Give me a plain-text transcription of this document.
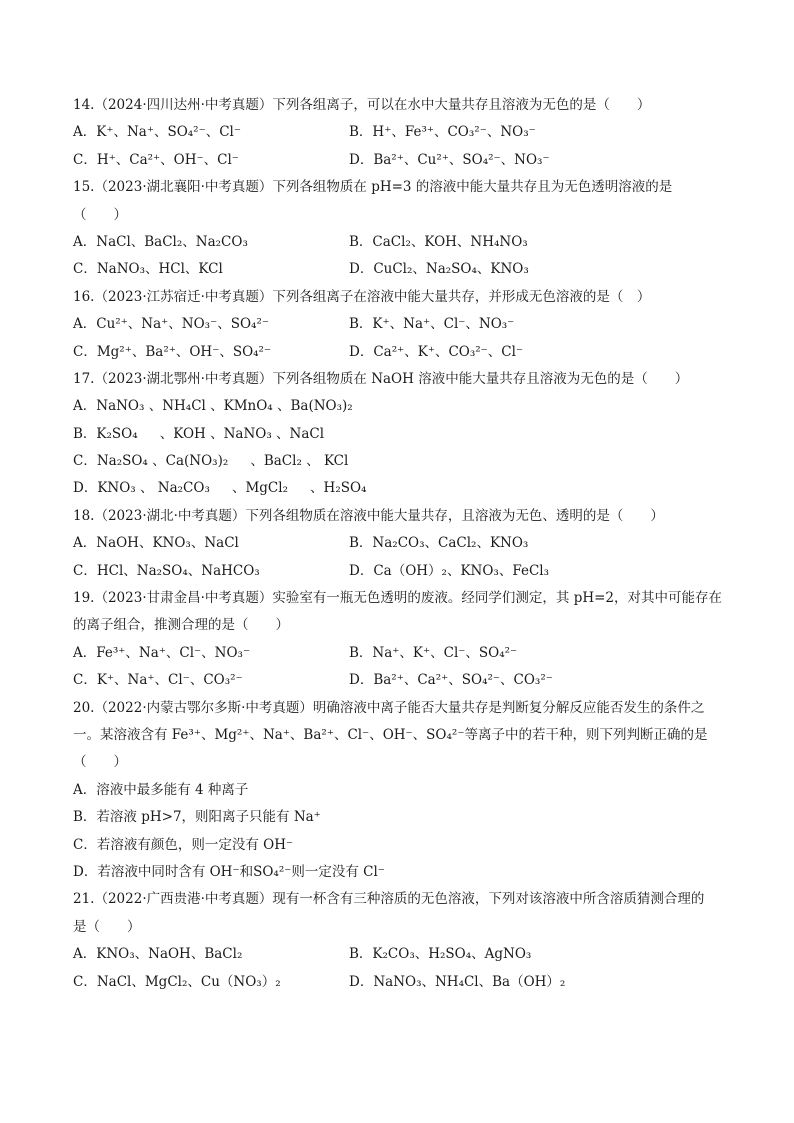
14.（2024·四川达州·中考真题）下列各组离子，可以在水中大量共存且溶液为无色的是（　　）
A．K⁺、Na⁺、SO₄²⁻、Cl⁻	B．H⁺、Fe³⁺、CO₃²⁻、NO₃⁻
C．H⁺、Ca²⁺、OH⁻、Cl⁻	D．Ba²⁺、Cu²⁺、SO₄²⁻、NO₃⁻
15.（2023·湖北襄阳·中考真题）下列各组物质在 pH=3 的溶液中能大量共存且为无色透明溶液的是
（　　）
A．NaCl、BaCl₂、Na₂CO₃	B．CaCl₂、KOH、NH₄NO₃
C．NaNO₃、HCl、KCl	D．CuCl₂、Na₂SO₄、KNO₃
16.（2023·江苏宿迁·中考真题）下列各组离子在溶液中能大量共存，并形成无色溶液的是（　）
A．Cu²⁺、Na⁺、NO₃⁻、SO₄²⁻	B．K⁺、Na⁺、Cl⁻、NO₃⁻
C．Mg²⁺、Ba²⁺、OH⁻、SO₄²⁻	D．Ca²⁺、K⁺、CO₃²⁻、Cl⁻
17.（2023·湖北鄂州·中考真题）下列各组物质在 NaOH 溶液中能大量共存且溶液为无色的是（　　）
A．NaNO₃ 、NH₄Cl 、KMnO₄ 、Ba(NO₃)₂
B．K₂SO₄ 　 、KOH 、NaNO₃ 、NaCl
C．Na₂SO₄ 、Ca(NO₃)₂ 　 、BaCl₂ 、 KCl
D．KNO₃ 、 Na₂CO₃ 　 、MgCl₂ 　 、H₂SO₄
18.（2023·湖北·中考真题）下列各组物质在溶液中能大量共存，且溶液为无色、透明的是（　　）
A．NaOH、KNO₃、NaCl	B．Na₂CO₃、CaCl₂、KNO₃
C．HCl、Na₂SO₄、NaHCO₃	D．Ca（OH）₂、KNO₃、FeCl₃
19.（2023·甘肃金昌·中考真题）实验室有一瓶无色透明的废液。经同学们测定，其 pH=2，对其中可能存在
的离子组合，推测合理的是（　　）
A．Fe³⁺、Na⁺、Cl⁻、NO₃⁻	B．Na⁺、K⁺、Cl⁻、SO₄²⁻
C．K⁺、Na⁺、Cl⁻、CO₃²⁻	D．Ba²⁺、Ca²⁺、SO₄²⁻、CO₃²⁻
20.（2022·内蒙古鄂尔多斯·中考真题）明确溶液中离子能否大量共存是判断复分解反应能否发生的条件之
一。某溶液含有 Fe³⁺、Mg²⁺、Na⁺、Ba²⁺、Cl⁻、OH⁻、SO₄²⁻等离子中的若干种，则下列判断正确的是
（　　）
A．溶液中最多能有 4 种离子
B．若溶液 pH>7，则阳离子只能有 Na⁺
C．若溶液有颜色，则一定没有 OH⁻
D．若溶液中同时含有 OH⁻和SO₄²⁻则一定没有 Cl⁻
21.（2022·广西贵港·中考真题）现有一杯含有三种溶质的无色溶液，下列对该溶液中所含溶质猜测合理的
是（　　）
A．KNO₃、NaOH、BaCl₂	B．K₂CO₃、H₂SO₄、AgNO₃
C．NaCl、MgCl₂、Cu（NO₃）₂	D．NaNO₃、NH₄Cl、Ba（OH）₂
